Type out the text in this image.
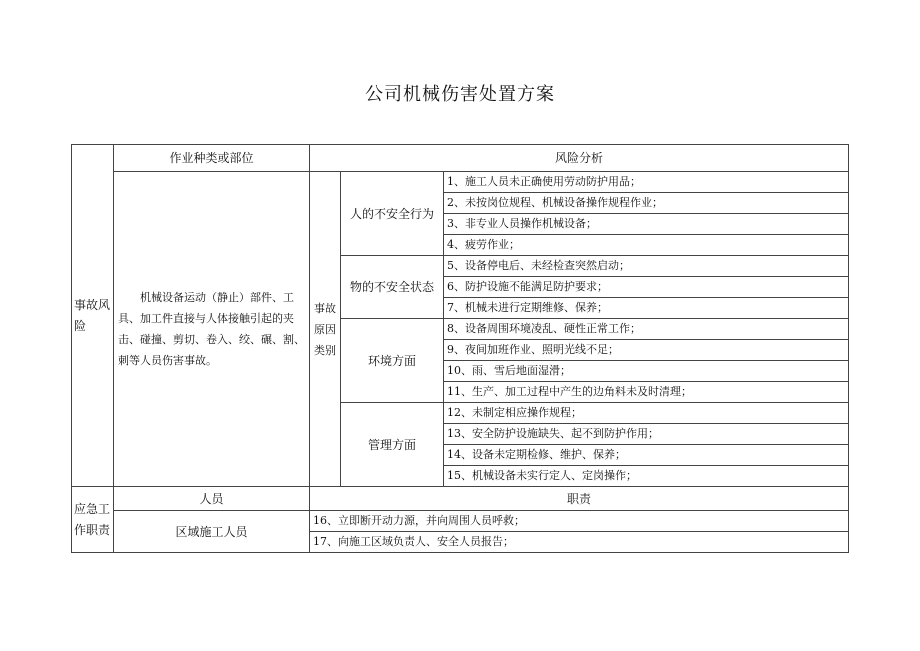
公司机械伤害处置方案
事故风险	作业种类或部位	风险分析		
	机械设备运动（静止）部件、工具、加工件直接与人体接触引起的夹击、碰撞、剪切、卷入、绞、碾、割、刺等人员伤害事故。	事故原因类别	人的不安全行为	1、施工人员未正确使用劳动防护用品；
				2、未按岗位规程、机械设备操作规程作业；
				3、非专业人员操作机械设备；
				4、疲劳作业；
			物的不安全状态	5、设备停电后、未经检查突然启动；
				6、防护设施不能满足防护要求；
				7、机械未进行定期维修、保养；
			环境方面	8、设备周围环境凌乱、硬性正常工作；
				9、夜间加班作业、照明光线不足；
				10、雨、雪后地面湿滑；
				11、生产、加工过程中产生的边角料未及时清理；
			管理方面	12、未制定相应操作规程；
				13、安全防护设施缺失、起不到防护作用；
				14、设备未定期检修、维护、保养；
				15、机械设备未实行定人、定岗操作；
应急工作职责	人员	职责		
	区域施工人员	16、立即断开动力源，并向周围人员呼救；		
		17、向施工区域负责人、安全人员报告；		
